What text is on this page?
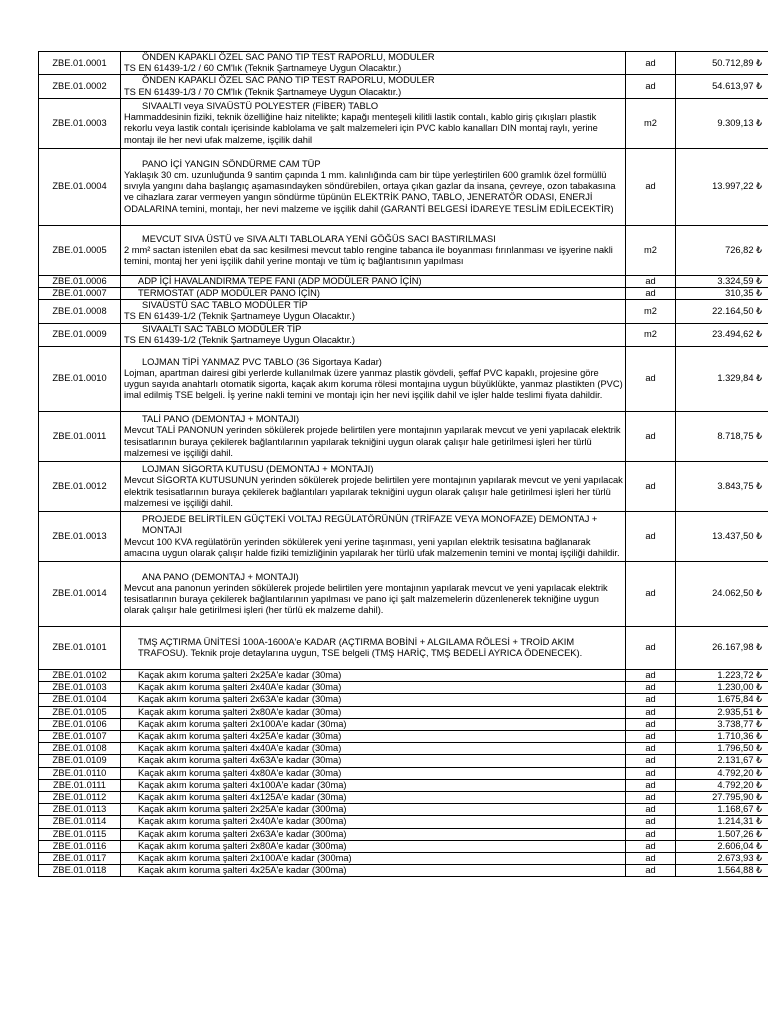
ZBE.01.0001	ÖNDEN KAPAKLI ÖZEL SAC PANO TIP TEST RAPORLU, MODULER
TS EN 61439-1/2 / 60 CM'lık (Teknik Şartnameye Uygun Olacaktır.)	ad	50.712,89 ₺
ZBE.01.0002	ÖNDEN KAPAKLI ÖZEL SAC PANO TIP TEST RAPORLU, MODULER
TS EN 61439-1/3 / 70 CM'lık (Teknik Şartnameye Uygun Olacaktır.)	ad	54.613,97 ₺
ZBE.01.0003	SIVAALTI veya SIVAÜSTÜ POLYESTER (FİBER) TABLO
Hammaddesinin fiziki, teknik özelliğine haiz nitelikte; kapağı menteşeli kilitli lastik contalı, kablo giriş çıkışları plastik rekorlu veya lastik contalı içerisinde kablolama ve şalt malzemeleri için PVC kablo kanalları DIN montaj raylı, yerine montajı ile her nevi ufak malzeme, işçilik dahil	m2	9.309,13 ₺
ZBE.01.0004	PANO İÇİ YANGIN SÖNDÜRME CAM TÜP
Yaklaşık 30 cm. uzunluğunda 9 santim çapında 1 mm. kalınlığında cam bir tüpe yerleştirilen 600 gramlık özel formüllü sıvıyla yangını daha başlangıç aşamasındayken söndürebilen, ortaya çıkan gazlar da insana, çevreye, ozon tabakasına ve cihazlara zarar vermeyen yangın söndürme tüpünün ELEKTRİK PANO, TABLO, JENERATÖR ODASI, ENERJİ ODALARINA temini, montajı, her nevi malzeme ve işçilik dahil (GARANTİ BELGESİ İDAREYE TESLİM EDİLECEKTİR)	ad	13.997,22 ₺
ZBE.01.0005	MEVCUT SIVA ÜSTÜ ve SIVA ALTI TABLOLARA YENİ GÖĞÜS SACI BASTIRILMASI
2 mm² sactan istenilen ebat da sac kesilmesi mevcut tablo rengine tabanca ile boyanması fırınlanması ve işyerine nakli temini, montaj her yeni işçilik dahil yerine montajı ve tüm iç bağlantısının yapılması	m2	726,82 ₺
ZBE.01.0006	ADP İÇİ HAVALANDIRMA TEPE FANI (ADP MODÜLER PANO İÇİN)	ad	3.324,59 ₺
ZBE.01.0007	TERMOSTAT (ADP MODÜLER PANO İÇİN)	ad	310,35 ₺
ZBE.01.0008	SIVAÜSTÜ SAC TABLO MODÜLER TİP
TS EN 61439-1/2 (Teknik Şartnameye Uygun Olacaktır.)	m2	22.164,50 ₺
ZBE.01.0009	SIVAALTI SAC TABLO MODÜLER TİP
TS EN 61439-1/2 (Teknik Şartnameye Uygun Olacaktır.)	m2	23.494,62 ₺
ZBE.01.0010	LOJMAN TİPİ YANMAZ PVC TABLO (36 Sigortaya Kadar)
Lojman, apartman dairesi gibi yerlerde kullanılmak üzere yanmaz plastik gövdeli, şeffaf PVC kapaklı, projesine göre uygun sayıda anahtarlı otomatik sigorta, kaçak akım koruma rölesi montajına uygun büyüklükte, yanmaz plastikten (PVC) imal edilmiş TSE belgeli. İş yerine nakli temini ve montajı için her nevi işçilik dahil ve işler halde teslimi fiyata dahildir.	ad	1.329,84 ₺
ZBE.01.0011	TALİ PANO (DEMONTAJ + MONTAJI)
Mevcut TALİ PANONUN yerinden sökülerek projede belirtilen yere montajının yapılarak mevcut ve yeni yapılacak elektrik tesisatlarının buraya çekilerek bağlantılarının yapılarak tekniğini uygun olarak çalışır hale getirilmesi işleri her türlü malzemesi ve işçiliği dahil.	ad	8.718,75 ₺
ZBE.01.0012	LOJMAN SİGORTA KUTUSU (DEMONTAJ + MONTAJI)
Mevcut SİGORTA KUTUSUNUN yerinden sökülerek projede belirtilen yere montajının yapılarak mevcut ve yeni yapılacak elektrik tesisatlarının buraya çekilerek bağlantıları yapılarak tekniğini uygun olarak çalışır hale getirilmesi işleri her türlü malzemesi ve işçiliği dahil.	ad	3.843,75 ₺
ZBE.01.0013	PROJEDE BELİRTİLEN GÜÇTEKİ VOLTAJ REGÜLATÖRÜNÜN (TRİFAZE VEYA MONOFAZE) DEMONTAJ + MONTAJI
Mevcut 100 KVA regülatörün yerinden sökülerek yeni yerine taşınması, yeni yapılan elektrik tesisatına bağlanarak amacına uygun olarak çalışır halde fiziki temizliğinin yapılarak her türlü ufak malzemenin temini ve montaj işçiliği dahildir.	ad	13.437,50 ₺
ZBE.01.0014	ANA PANO (DEMONTAJ + MONTAJI)
Mevcut ana panonun yerinden sökülerek projede belirtilen yere montajının yapılarak mevcut ve yeni yapılacak elektrik tesisatlarının buraya çekilerek bağlantılarının yapılması ve pano içi şalt malzemelerin düzenlenerek tekniğine uygun olarak çalışır hale getirilmesi işleri (her türlü ek malzeme dahil).	ad	24.062,50 ₺
ZBE.01.0101	TMŞ AÇTIRMA ÜNİTESİ 100A-1600A'e KADAR (AÇTIRMA BOBİNİ + ALGILAMA RÖLESİ + TROİD AKIM TRAFOSU). Teknik proje detaylarına uygun, TSE belgeli (TMŞ HARİÇ, TMŞ BEDELİ AYRICA ÖDENECEK).	ad	26.167,98 ₺
ZBE.01.0102	Kaçak akım koruma şalteri 2x25A'e kadar (30ma)	ad	1.223,72 ₺
ZBE.01.0103	Kaçak akım koruma şalteri 2x40A'e kadar (30ma)	ad	1.230,00 ₺
ZBE.01.0104	Kaçak akım koruma şalteri 2x63A'e kadar (30ma)	ad	1.675,84 ₺
ZBE.01.0105	Kaçak akım koruma şalteri 2x80A'e kadar (30ma)	ad	2.935,51 ₺
ZBE.01.0106	Kaçak akım koruma şalteri 2x100A'e kadar (30ma)	ad	3.738,77 ₺
ZBE.01.0107	Kaçak akım koruma şalteri 4x25A'e kadar (30ma)	ad	1.710,36 ₺
ZBE.01.0108	Kaçak akım koruma şalteri 4x40A'e kadar (30ma)	ad	1.796,50 ₺
ZBE.01.0109	Kaçak akım koruma şalteri 4x63A'e kadar (30ma)	ad	2.131,67 ₺
ZBE.01.0110	Kaçak akım koruma şalteri 4x80A'e kadar (30ma)	ad	4.792,20 ₺
ZBE.01.0111	Kaçak akım koruma şalteri 4x100A'e kadar (30ma)	ad	4.792,20 ₺
ZBE.01.0112	Kaçak akım koruma şalteri 4x125A'e kadar (30ma)	ad	27.795,90 ₺
ZBE.01.0113	Kaçak akım koruma şalteri 2x25A'e kadar (300ma)	ad	1.168,67 ₺
ZBE.01.0114	Kaçak akım koruma şalteri 2x40A'e kadar (300ma)	ad	1.214,31 ₺
ZBE.01.0115	Kaçak akım koruma şalteri 2x63A'e kadar (300ma)	ad	1.507,26 ₺
ZBE.01.0116	Kaçak akım koruma şalteri 2x80A'e kadar (300ma)	ad	2.606,04 ₺
ZBE.01.0117	Kaçak akım koruma şalteri 2x100A'e kadar (300ma)	ad	2.673,93 ₺
ZBE.01.0118	Kaçak akım koruma şalteri 4x25A'e kadar (300ma)	ad	1.564,88 ₺
